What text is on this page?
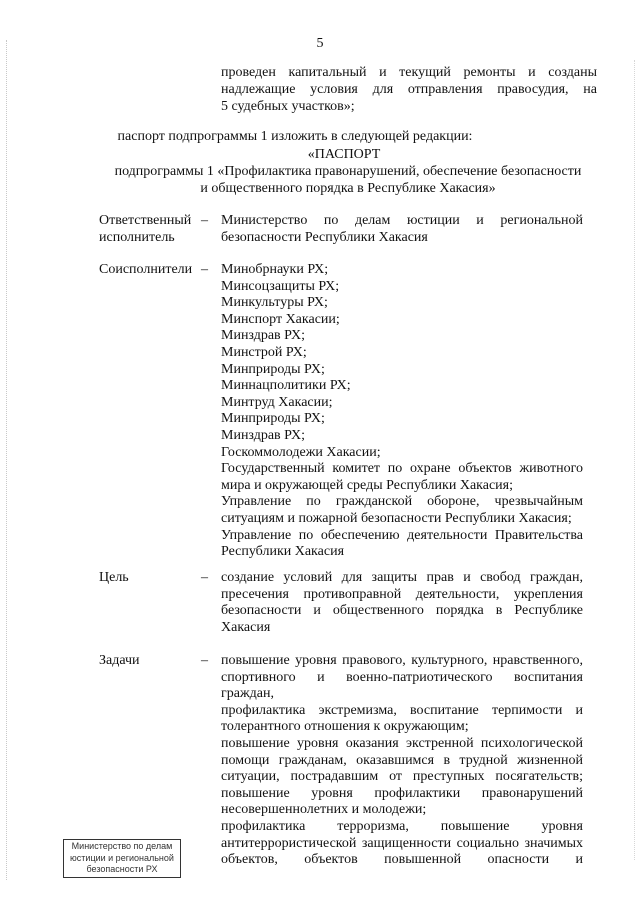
5
проведен капитальный и текущий ремонты и созданы
надлежащие условия для отправления правосудия, на
5 судебных участков»;
паспорт подпрограммы 1 изложить в следующей редакции:
«ПАСПОРТ
подпрограммы 1 «Профилактика правонарушений, обеспечение безопасности
и общественного порядка в Республике Хакасия»
Ответственный
исполнитель
– Министерство по делам юстиции и региональной
безопасности Республики Хакасия
Соисполнители – Минобрнауки РХ;
Минсоцзащиты РХ;
Минкультуры РХ;
Минспорт Хакасии;
Минздрав РХ;
Минстрой РХ;
Минприроды РХ;
Миннацполитики РХ;
Минтруд Хакасии;
Минприроды РХ;
Минздрав РХ;
Госкоммолодежи Хакасии;
Государственный комитет по охране объектов животного
мира и окружающей среды Республики Хакасия;
Управление по гражданской обороне, чрезвычайным
ситуациям и пожарной безопасности Республики Хакасия;
Управление по обеспечению деятельности Правительства
Республики Хакасия
Цель	– создание условий для защиты прав и свобод граждан,
пресечения противоправной деятельности, укрепления
безопасности и общественного порядка в Республике
Хакасия
Задачи	– повышение уровня правового, культурного, нравственного,
спортивного и военно-патриотического воспитания граждан,
профилактика экстремизма, воспитание терпимости и
толерантного отношения к окружающим;
повышение уровня оказания экстренной психологической
помощи гражданам, оказавшимся в трудной жизненной
ситуации, пострадавшим от преступных посягательств;
повышение уровня профилактики правонарушений
несовершеннолетних и молодежи;
профилактика терроризма, повышение уровня
антитеррористической защищенности социально значимых
объектов, объектов повышенной опасности и
Министерство по делам
юстиции и региональной
безопасности РХ
